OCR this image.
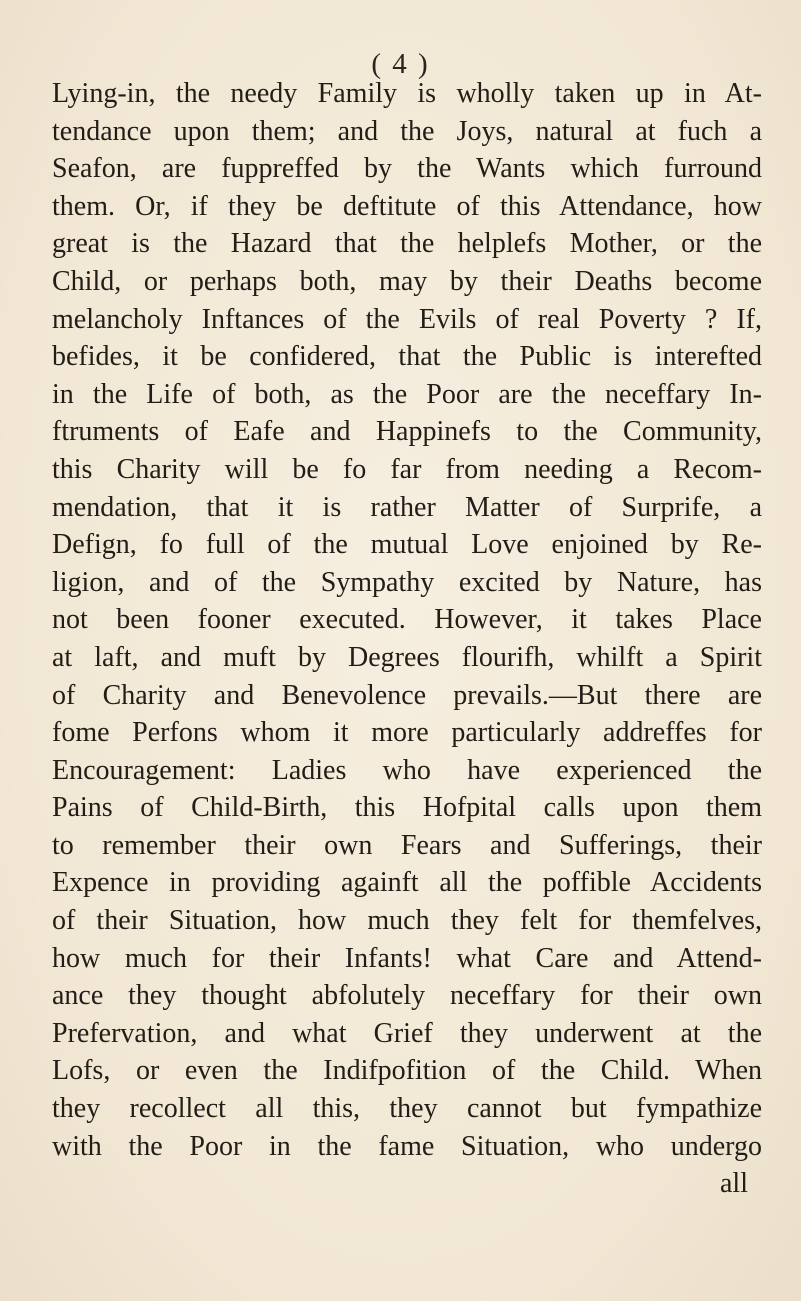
( 4 )
Lying-in, the needy Family is wholly taken up in At-
tendance upon them; and the Joys, natural at fuch a
Seafon, are fuppreffed by the Wants which furround
them. Or, if they be deftitute of this Attendance, how
great is the Hazard that the helplefs Mother, or the
Child, or perhaps both, may by their Deaths become
melancholy Inftances of the Evils of real Poverty ? If,
befides, it be confidered, that the Public is interefted
in the Life of both, as the Poor are the neceffary In-
ftruments of Eafe and Happinefs to the Community,
this Charity will be fo far from needing a Recom-
mendation, that it is rather Matter of Surprife, a
Defign, fo full of the mutual Love enjoined by Re-
ligion, and of the Sympathy excited by Nature, has
not been fooner executed. However, it takes Place
at laft, and muft by Degrees flourifh, whilft a Spirit
of Charity and Benevolence prevails.—But there are
fome Perfons whom it more particularly addreffes for
Encouragement: Ladies who have experienced the
Pains of Child-Birth, this Hofpital calls upon them
to remember their own Fears and Sufferings, their
Expence in providing againft all the poffible Accidents
of their Situation, how much they felt for themfelves,
how much for their Infants! what Care and Attend-
ance they thought abfolutely neceffary for their own
Prefervation, and what Grief they underwent at the
Lofs, or even the Indifpofition of the Child. When
they recollect all this, they cannot but fympathize
with the Poor in the fame Situation, who undergo
all
